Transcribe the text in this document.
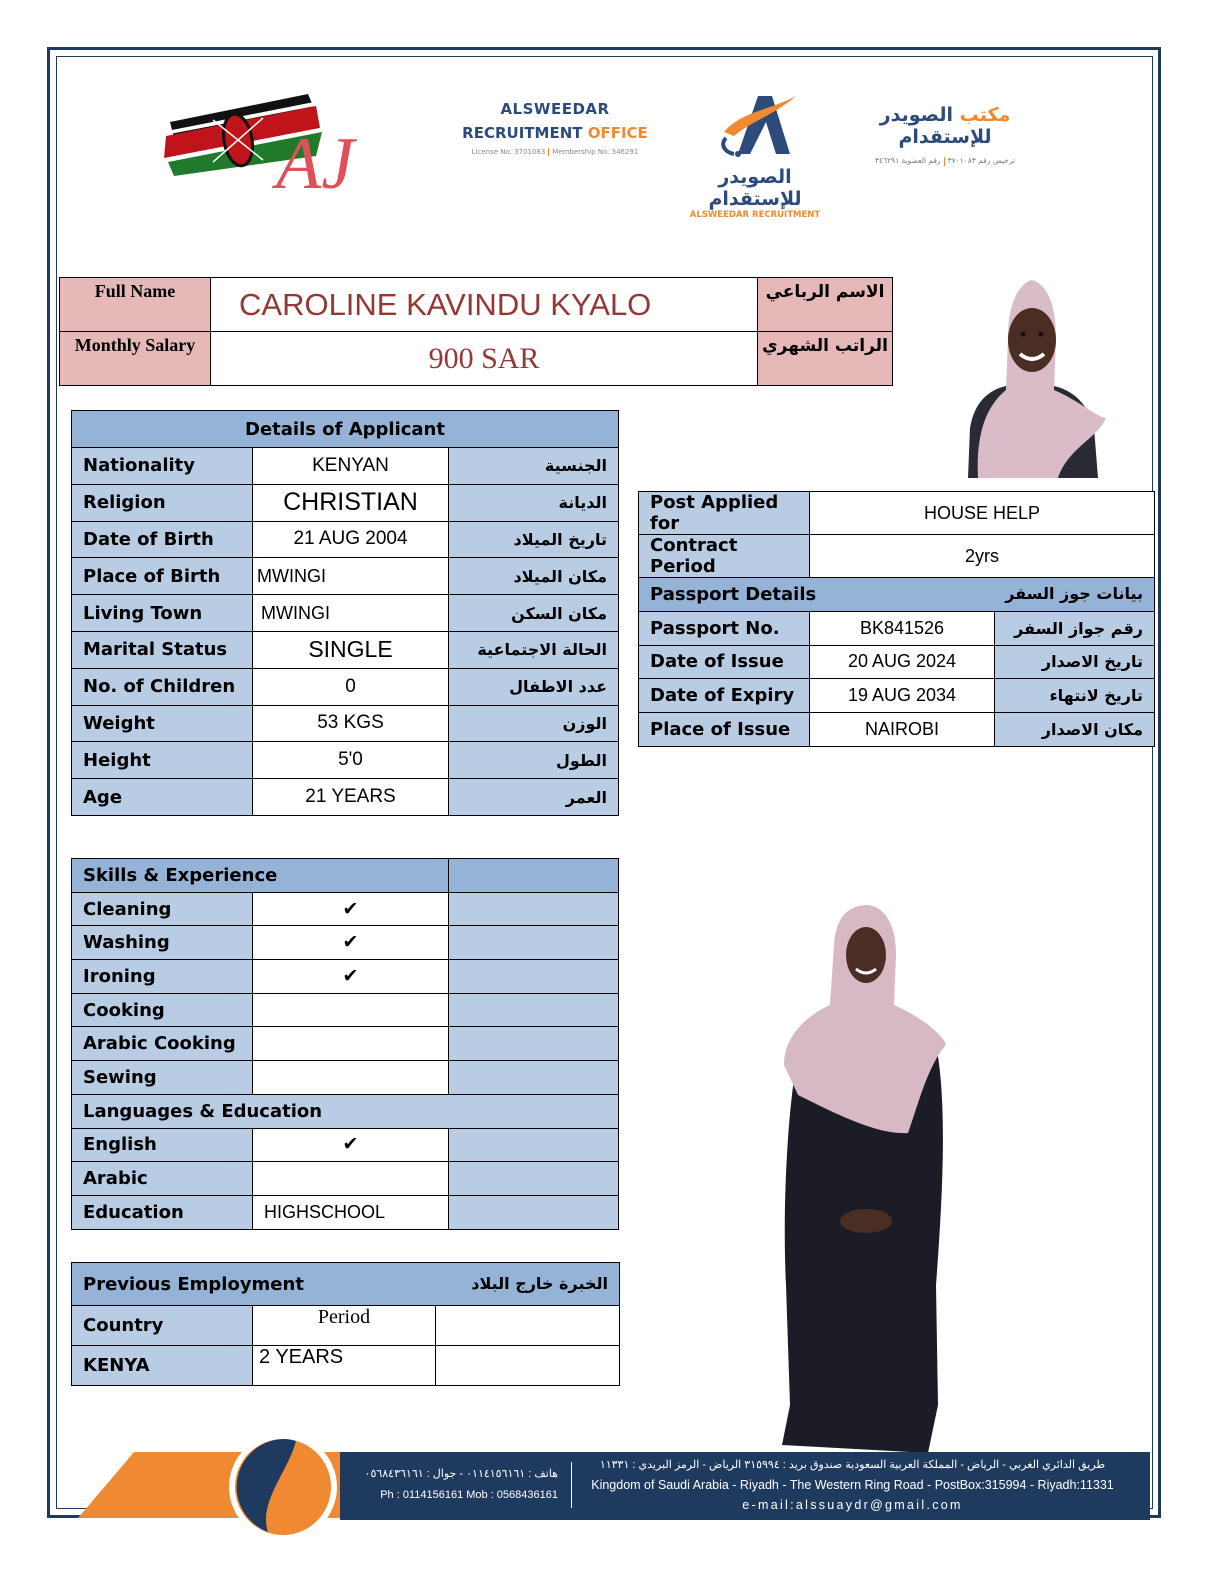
AJ
ALSWEEDAR
RECRUITMENT OFFICE
License No. 3701083 Membership No. 346291
الصويدر للإستقدام
ALSWEEDAR RECRUITMENT
مكتب الصويدر للإستقدام
ترخيص رقم ٣٧٠١٠٨٣رقم العضوية ٣٤٦٢٩١
Full Name	CAROLINE KAVINDU KYALO	الاسم الرباعي
Monthly Salary	900 SAR	الراتب الشهري
Details of Applicant		
Nationality	KENYAN	الجنسية
Religion	CHRISTIAN	الديانة
Date of Birth	21 AUG 2004	تاريخ الميلاد
Place of Birth	MWINGI	مكان الميلاد
Living Town	MWINGI	مكان السكن
Marital Status	SINGLE	الحالة الاجتماعية
No. of Children	0	عدد الاطفال
Weight	53 KGS	الوزن
Height	5'0	الطول
Age	21 YEARS	العمر
Post Applied for	HOUSE HELP	
Contract Period	2yrs	
Passport Details بيانات جوز السفر		

Passport No.	BK841526	رقم جواز السفر
Date of Issue	20 AUG 2024	تاريخ الاصدار
Date of Expiry	19 AUG 2034	تاريخ لانتهاء
Place of Issue	NAIROBI	مكان الاصدار
Skills & Experience		
Cleaning	✔	
Washing	✔	
Ironing	✔	
Cooking		
Arabic Cooking		
Sewing		
Languages & Education		
English	✔	
Arabic		
Education	HIGHSCHOOL	
Previous Employment الخبرة خارج البلاد		

Country	Period	
KENYA	2 YEARS	
هاتف : ٠١١٤١٥٦١٦١ - جوال : ٠٥٦٨٤٣٦١٦١
Ph : 0114156161 Mob : 0568436161
طريق الدائري الغربي - الرياض - المملكة العربية السعودية صندوق بريد : ٣١٥٩٩٤ الرياض - الرمز البريدي : ١١٣٣١
Kingdom of Saudi Arabia - Riyadh - The Western Ring Road - PostBox:315994 - Riyadh:11331
e-mail:alssuaydr@gmail.com
